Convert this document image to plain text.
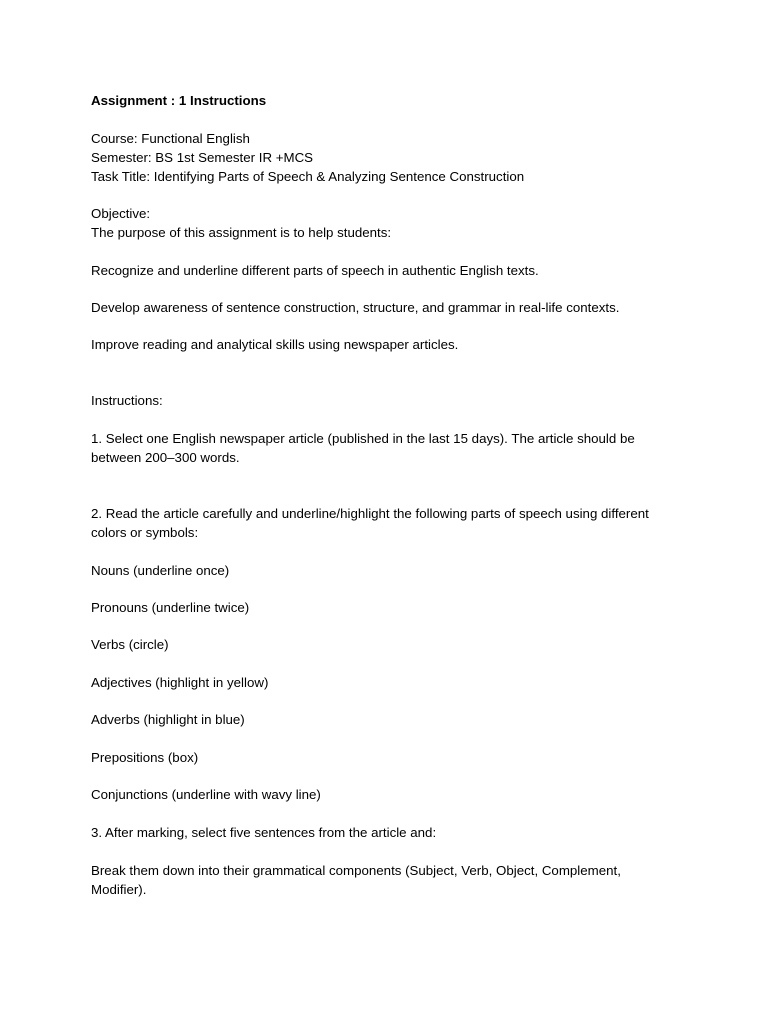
Assignment : 1 Instructions
Course: Functional English
Semester: BS 1st Semester IR +MCS
Task Title: Identifying Parts of Speech & Analyzing Sentence Construction
Objective:
The purpose of this assignment is to help students:
Recognize and underline different parts of speech in authentic English texts.
Develop awareness of sentence construction, structure, and grammar in real-life contexts.
Improve reading and analytical skills using newspaper articles.
Instructions:
1. Select one English newspaper article (published in the last 15 days). The article should be
between 200–300 words.
2. Read the article carefully and underline/highlight the following parts of speech using different
colors or symbols:
Nouns (underline once)
Pronouns (underline twice)
Verbs (circle)
Adjectives (highlight in yellow)
Adverbs (highlight in blue)
Prepositions (box)
Conjunctions (underline with wavy line)
3. After marking, select five sentences from the article and:
Break them down into their grammatical components (Subject, Verb, Object, Complement,
Modifier).
